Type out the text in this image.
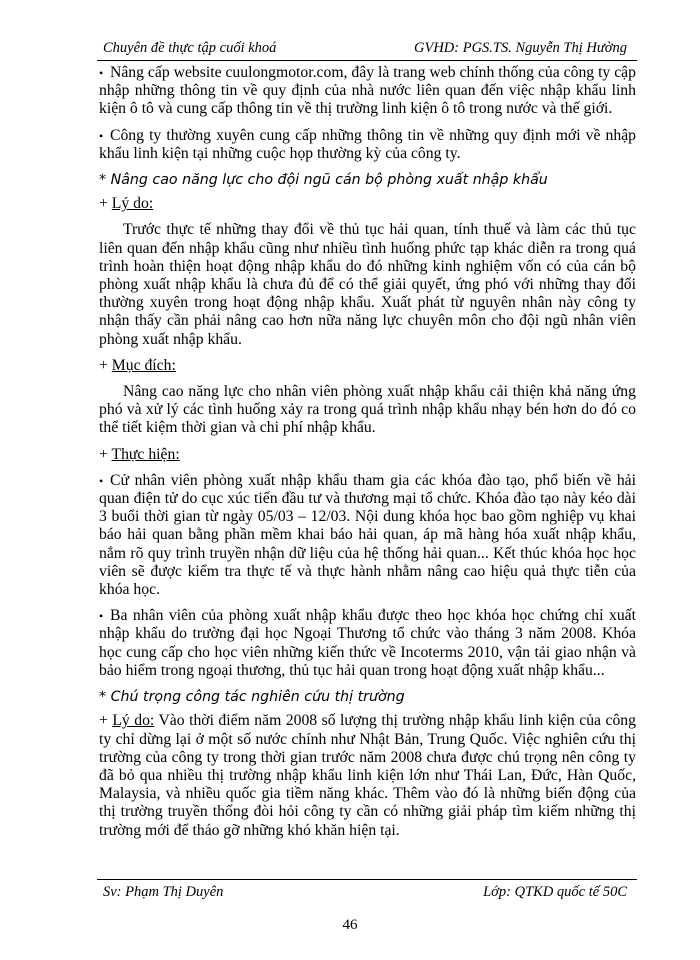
Chuyên đề thực tập cuối khoá	GVHD: PGS.TS. Nguyễn Thị Hường

• Nâng cấp website cuulongmotor.com, đây là trang web chính thống của công ty cập nhập những thông tin về quy định của nhà nước liên quan đến việc nhập khẩu linh kiện ô tô và cung cấp thông tin về thị trường linh kiện ô tô trong nước và thế giới.

• Công ty thường xuyên cung cấp những thông tin về những quy định mới về nhập khẩu linh kiện tại những cuộc họp thường kỳ của công ty.

* Nâng cao năng lực cho đội ngũ cán bộ phòng xuất nhập khẩu

+ Lý do:

Trước thực tế những thay đổi về thủ tục hải quan, tính thuế và làm các thủ tục liên quan đến nhập khẩu cũng như nhiều tình huống phức tạp khác diễn ra trong quá trình hoàn thiện hoạt động nhập khẩu do đó những kinh nghiệm vốn có của cán bộ phòng xuất nhập khẩu là chưa đủ để có thể giải quyết, ứng phó với những thay đổi thường xuyên trong hoạt động nhập khẩu. Xuất phát từ nguyên nhân này công ty nhận thấy cần phải nâng cao hơn nữa năng lực chuyên môn cho đội ngũ nhân viên phòng xuất nhập khẩu.

+ Mục đích:

Nâng cao năng lực cho nhân viên phòng xuất nhập khẩu cải thiện khả năng ứng phó và xử lý các tình huống xảy ra trong quá trình nhập khẩu nhạy bén hơn do đó co thể tiết kiệm thời gian và chi phí nhập khẩu.

+ Thực hiện:

• Cử nhân viên phòng xuất nhập khẩu tham gia các khóa đào tạo, phổ biến về hải quan điện tử do cục xúc tiến đầu tư và thương mại tổ chức. Khóa đào tạo này kéo dài 3 buổi thời gian từ ngày 05/03 – 12/03. Nội dung khóa học bao gồm nghiệp vụ khai báo hải quan bằng phần mềm khai báo hải quan, áp mã hàng hóa xuất nhập khẩu, nắm rõ quy trình truyền nhận dữ liệu của hệ thống hải quan... Kết thúc khóa học học viên sẽ được kiểm tra thực tế và thực hành nhằm nâng cao hiệu quả thực tiễn của khóa học.

• Ba nhân viên của phòng xuất nhập khẩu được theo học khóa học chứng chỉ xuất nhập khẩu do trường đại học Ngoại Thương tổ chức vào tháng 3 năm 2008. Khóa học cung cấp cho học viên những kiến thức về Incoterms 2010, vận tải giao nhận và bảo hiểm trong ngoại thương, thủ tục hải quan trong hoạt động xuất nhập khẩu...

* Chú trọng công tác nghiên cứu thị trường

+ Lý do: Vào thời điểm năm 2008 số lượng thị trường nhập khẩu linh kiện của công ty chỉ dừng lại ở một số nước chính như Nhật Bản, Trung Quốc. Việc nghiên cứu thị trường của công ty trong thời gian trước năm 2008 chưa được chú trọng nên công ty đã bỏ qua nhiều thị trường nhập khẩu linh kiện lớn như Thái Lan, Đức, Hàn Quốc, Malaysia, và nhiều quốc gia tiềm năng khác. Thêm vào đó là những biến động của thị trường truyền thống đòi hỏi công ty cần có những giải pháp tìm kiếm những thị trường mới để tháo gỡ những khó khăn hiện tại.

Sv: Phạm Thị Duyên	Lớp: QTKD quốc tế 50C
46
